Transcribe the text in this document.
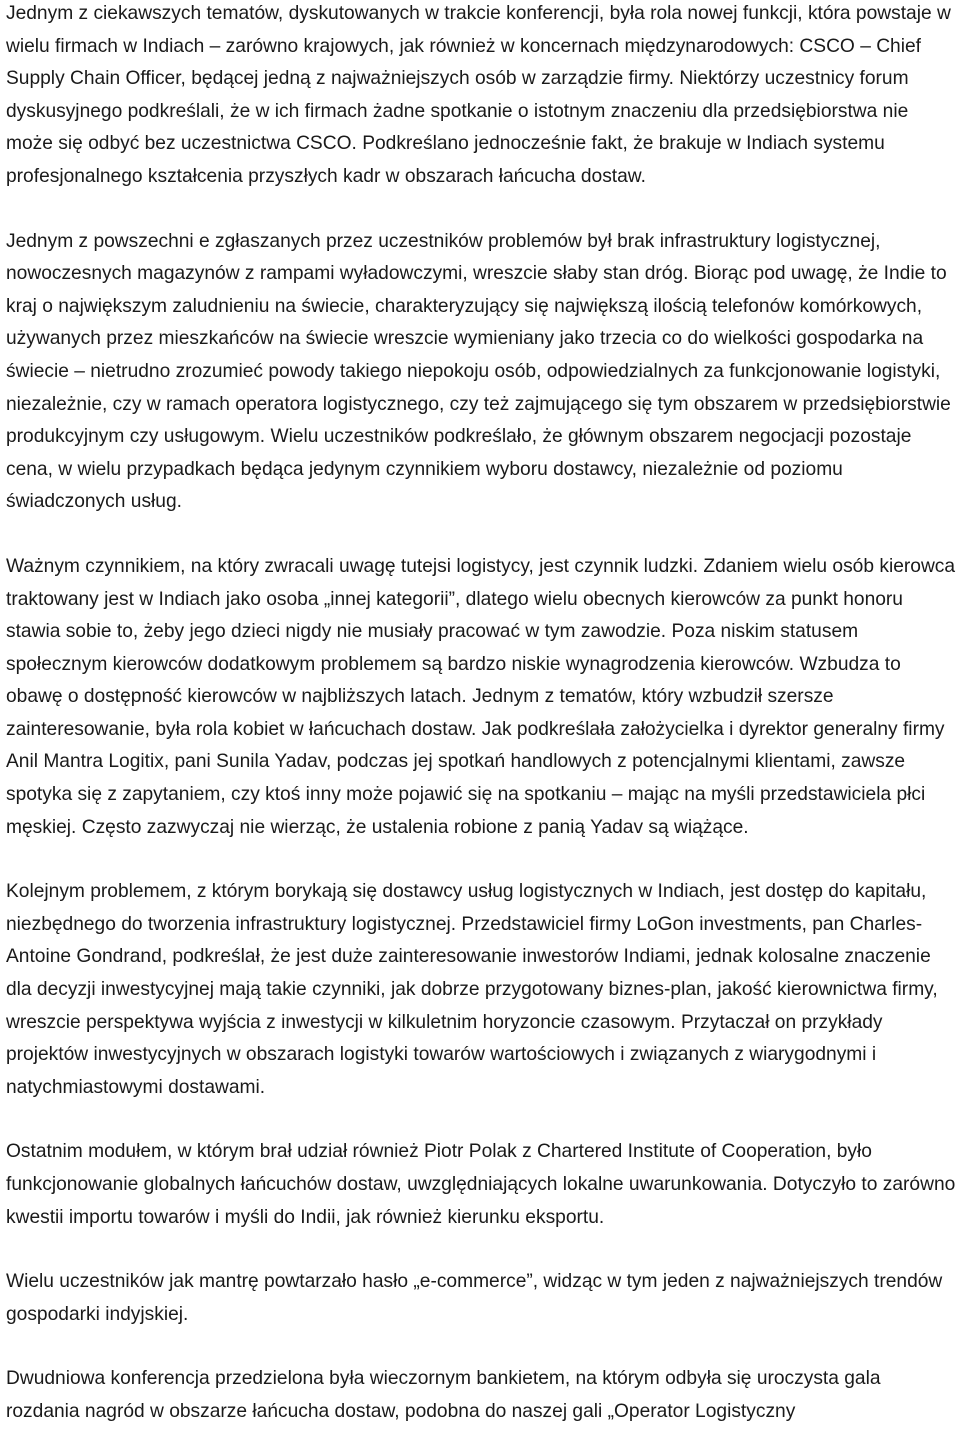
Jednym z ciekawszych tematów, dyskutowanych w trakcie konferencji, była rola nowej funkcji, która powstaje w wielu firmach w Indiach – zarówno krajowych, jak również w koncernach międzynarodowych: CSCO – Chief Supply Chain Officer, będącej jedną z najważniejszych osób w zarządzie firmy. Niektórzy uczestnicy forum dyskusyjnego podkreślali, że w ich firmach żadne spotkanie o istotnym znaczeniu dla przedsiębiorstwa nie może się odbyć bez uczestnictwa CSCO. Podkreślano jednocześnie fakt, że brakuje w Indiach systemu profesjonalnego kształcenia przyszłych kadr w obszarach łańcucha dostaw.

Jednym z powszechni e zgłaszanych przez uczestników problemów był brak infrastruktury logistycznej, nowoczesnych magazynów z rampami wyładowczymi, wreszcie słaby stan dróg. Biorąc pod uwagę, że Indie to kraj o największym zaludnieniu na świecie, charakteryzujący się największą ilością telefonów komórkowych, używanych przez mieszkańców na świecie wreszcie wymieniany jako trzecia co do wielkości gospodarka na świecie – nietrudno zrozumieć powody takiego niepokoju osób, odpowiedzialnych za funkcjonowanie logistyki, niezależnie, czy w ramach operatora logistycznego, czy też zajmującego się tym obszarem w przedsiębiorstwie produkcyjnym czy usługowym. Wielu uczestników podkreślało, że głównym obszarem negocjacji pozostaje cena, w wielu przypadkach będąca jedynym czynnikiem wyboru dostawcy, niezależnie od poziomu świadczonych usług.

Ważnym czynnikiem, na który zwracali uwagę tutejsi logistycy, jest czynnik ludzki. Zdaniem wielu osób kierowca traktowany jest w Indiach jako osoba „innej kategorii”, dlatego wielu obecnych kierowców za punkt honoru stawia sobie to, żeby jego dzieci nigdy nie musiały pracować w tym zawodzie. Poza niskim statusem społecznym kierowców dodatkowym problemem są bardzo niskie wynagrodzenia kierowców. Wzbudza to obawę o dostępność kierowców w najbliższych latach. Jednym z tematów, który wzbudził szersze zainteresowanie, była rola kobiet w łańcuchach dostaw. Jak podkreślała założycielka i dyrektor generalny firmy Anil Mantra Logitix, pani Sunila Yadav, podczas jej spotkań handlowych z potencjalnymi klientami, zawsze spotyka się z zapytaniem, czy ktoś inny może pojawić się na spotkaniu – mając na myśli przedstawiciela płci męskiej. Często zazwyczaj nie wierząc, że ustalenia robione z panią Yadav są wiążące.

Kolejnym problemem, z którym borykają się dostawcy usług logistycznych w Indiach, jest dostęp do kapitału, niezbędnego do tworzenia infrastruktury logistycznej. Przedstawiciel firmy LoGon investments, pan Charles-Antoine Gondrand, podkreślał, że jest duże zainteresowanie inwestorów Indiami, jednak kolosalne znaczenie dla decyzji inwestycyjnej mają takie czynniki, jak dobrze przygotowany biznes-plan, jakość kierownictwa firmy, wreszcie perspektywa wyjścia z inwestycji w kilkuletnim horyzoncie czasowym. Przytaczał on przykłady projektów inwestycyjnych w obszarach logistyki towarów wartościowych i związanych z wiarygodnymi i natychmiastowymi dostawami.

Ostatnim modułem, w którym brał udział również Piotr Polak z Chartered Institute of Cooperation, było funkcjonowanie globalnych łańcuchów dostaw, uwzględniających lokalne uwarunkowania. Dotyczyło to zarówno kwestii importu towarów i myśli do Indii, jak również kierunku eksportu.

Wielu uczestników jak mantrę powtarzało hasło „e-commerce”, widząc w tym jeden z najważniejszych trendów gospodarki indyjskiej.

Dwudniowa konferencja przedzielona była wieczornym bankietem, na którym odbyła się uroczysta gala rozdania nagród w obszarze łańcucha dostaw, podobna do naszej gali „Operator Logistyczny
